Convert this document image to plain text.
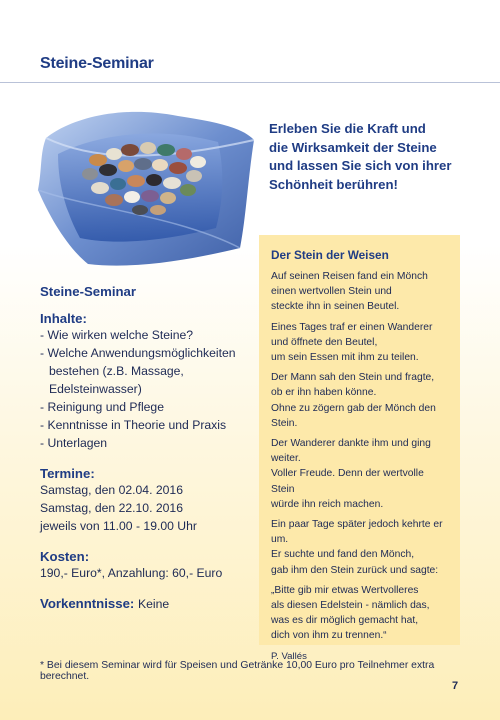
Steine-Seminar
Erleben Sie die Kraft und
die Wirksamkeit der Steine
und lassen Sie sich von ihrer
Schönheit berühren!
Steine-Seminar
Inhalte:
- Wie wirken welche Steine?
- Welche Anwendungsmöglichkeiten
bestehen (z.B. Massage, Edelsteinwasser)
- Reinigung und Pflege
- Kenntnisse in Theorie und Praxis
- Unterlagen
Termine:
Samstag, den 02.04. 2016
Samstag, den 22.10. 2016
jeweils von 11.00 - 19.00 Uhr
Kosten:
190,- Euro*, Anzahlung: 60,- Euro
Vorkenntnisse: Keine
Der Stein der Weisen
Auf seinen Reisen fand ein Mönch
einen wertvollen Stein und
steckte ihn in seinen Beutel.
Eines Tages traf er einen Wanderer
und öffnete den Beutel,
um sein Essen mit ihm zu teilen.
Der Mann sah den Stein und fragte,
ob er ihn haben könne.
Ohne zu zögern gab der Mönch den Stein.
Der Wanderer dankte ihm und ging weiter.
Voller Freude. Denn der wertvolle Stein
würde ihn reich machen.
Ein paar Tage später jedoch kehrte er um.
Er suchte und fand den Mönch,
gab ihm den Stein zurück und sagte:
„Bitte gib mir etwas Wertvolleres
als diesen Edelstein - nämlich das,
was es dir möglich gemacht hat,
dich von ihm zu trennen.“
P. Vallés
* Bei diesem Seminar wird für Speisen und Getränke 10,00 Euro pro Teilnehmer extra berechnet.
7
